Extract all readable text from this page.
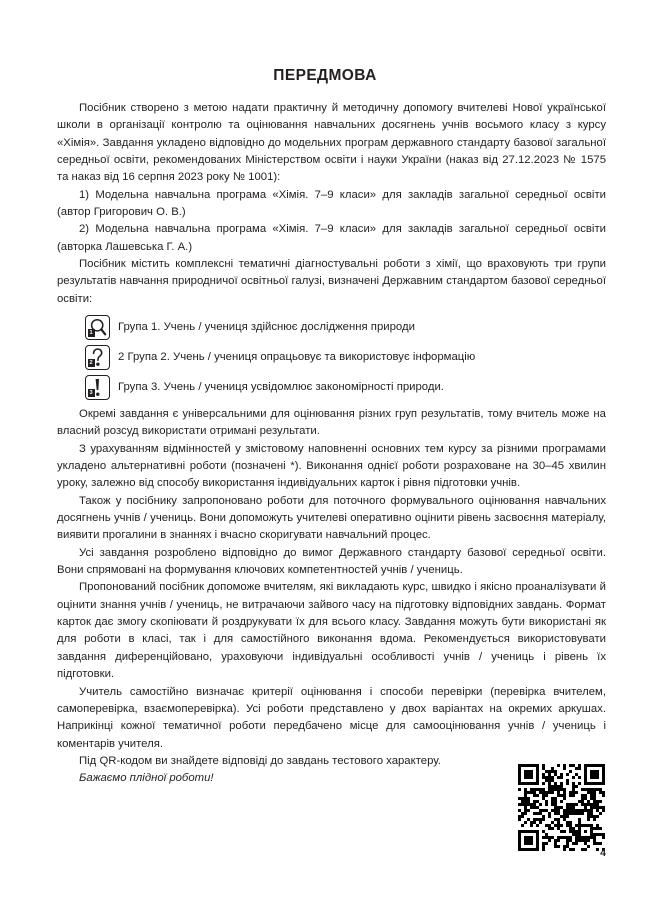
ПЕРЕДМОВА

Посібник створено з метою надати практичну й методичну допомогу вчителеві Нової української школи в організації контролю та оцінювання навчальних досягнень учнів восьмого класу з курсу «Хімія». Завдання укладено відповідно до модельних програм державного стандарту базової загальної середньої освіти, рекомендованих Міністерством освіти і науки України (наказ від 27.12.2023 № 1575 та наказ від 16 серпня 2023 року № 1001):

1) Модельна навчальна програма «Хімія. 7–9 класи» для закладів загальної середньої освіти (автор Григорович О. В.)

2) Модельна навчальна програма «Хімія. 7–9 класи» для закладів загальної середньої освіти (авторка Лашевська Г. А.)

Посібник містить комплексні тематичні діагностувальні роботи з хімії, що враховують три групи результатів навчання природничої освітньої галузі, визначені Державним стандартом базової середньої освіти:

1
Група 1. Учень / учениця здійснює дослідження природи
2
2 Група 2. Учень / учениця опрацьовує та використовує інформацію
3
Група 3. Учень / учениця усвідомлює закономірності природи.

Окремі завдання є універсальними для оцінювання різних груп результатів, тому вчитель може на власний розсуд використати отримані результати.

З урахуванням відмінностей у змістовому наповненні основних тем курсу за різними програмами укладено альтернативні роботи (позначені *). Виконання однієї роботи розраховане на 30–45 хвилин уроку, залежно від способу використання індивідуальних карток і рівня підготовки учнів.

Також у посібнику запропоновано роботи для поточного формувального оцінювання навчальних досягнень учнів / учениць. Вони допоможуть учителеві оперативно оцінити рівень засвоєння матеріалу, виявити прогалини в знаннях і вчасно скоригувати навчальний процес.

Усі завдання розроблено відповідно до вимог Державного стандарту базової середньої освіти. Вони спрямовані на формування ключових компетентностей учнів / учениць.

Пропонований посібник допоможе вчителям, які викладають курс, швидко і якісно проаналізувати й оцінити знання учнів / учениць, не витрачаючи зайвого часу на підготовку відповідних завдань. Формат карток дає змогу скопіювати й роздрукувати їх для всього класу. Завдання можуть бути використані як для роботи в класі, так і для самостійного виконання вдома. Рекомендується використовувати завдання диференційовано, ураховуючи індивідуальні особливості учнів / учениць і рівень їх підготовки.

Учитель самостійно визначає критерії оцінювання і способи перевірки (перевірка вчителем, самоперевірка, взаємоперевірка). Усі роботи представлено у двох варіантах на окремих аркушах. Наприкінці кожної тематичної роботи передбачено місце для самооцінювання учнів / учениць і коментарів учителя.

Під QR-кодом ви знайдете відповіді до завдань тестового характеру.

Бажаємо плідної роботи!

4
